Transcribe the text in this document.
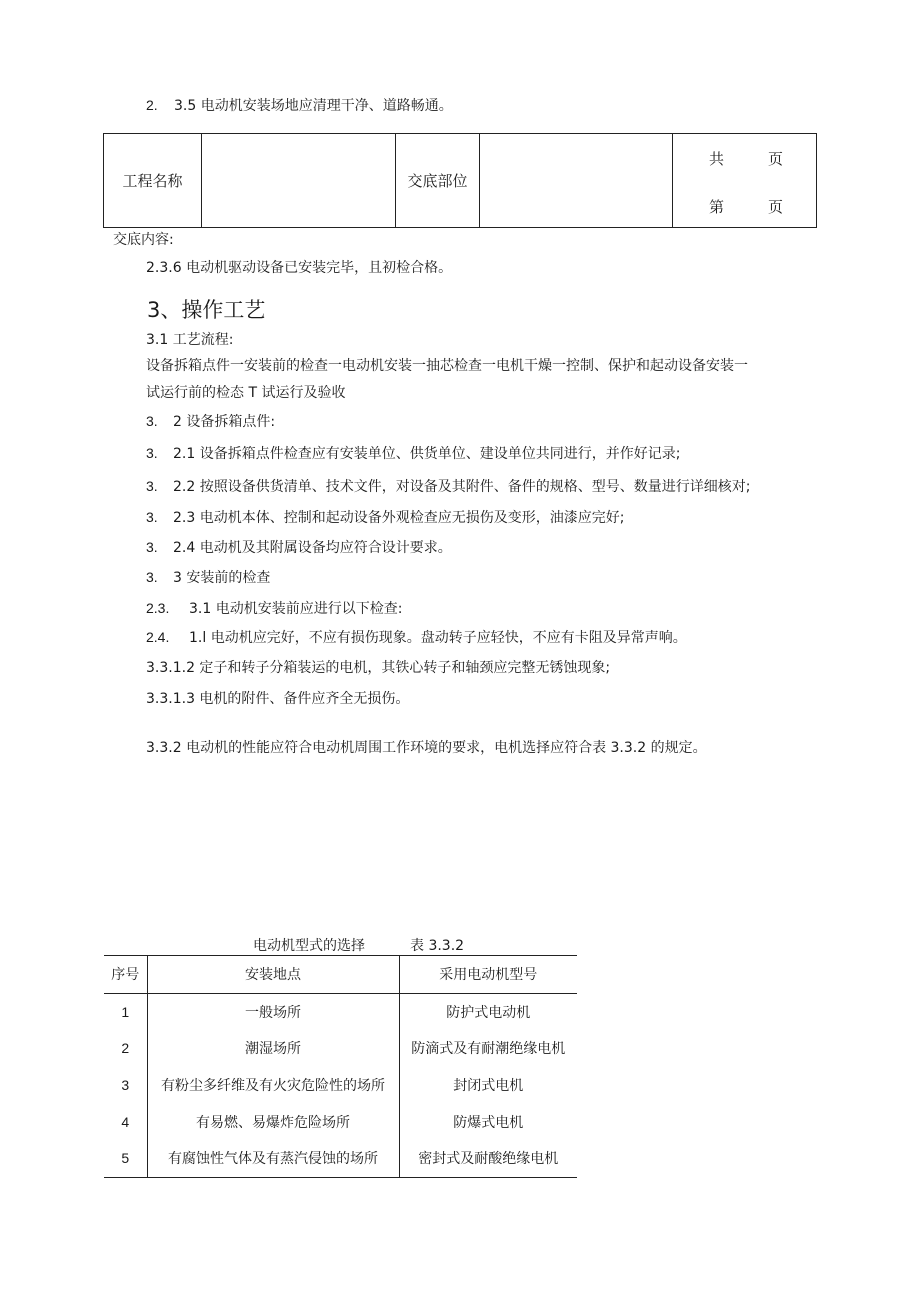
2. 3.5 电动机安装场地应清理干净、道路畅通。
工程名称		交底部位		
共	页
第	页
交底内容:
2.3.6 电动机驱动设备已安装完毕，且初检合格。
3、操作工艺
3.1 工艺流程:
设备拆箱点件一安装前的检查一电动机安装一抽芯检查一电机干燥一控制、保护和起动设备安装一
试运行前的检态 T 试运行及验收
3. 2 设备拆箱点件:
3. 2.1 设备拆箱点件检查应有安装单位、供货单位、建设单位共同进行，并作好记录;
3. 2.2 按照设备供货清单、技术文件，对设备及其附件、备件的规格、型号、数量进行详细核对;
3. 2.3 电动机本体、控制和起动设备外观检查应无损伤及变形，油漆应完好;
3. 2.4 电动机及其附属设备均应符合设计要求。
3. 3 安装前的检查
2.3. 3.1 电动机安装前应进行以下检查:
2.4. 1.l 电动机应完好，不应有损伤现象。盘动转子应轻快，不应有卡阻及异常声响。
3.3.1.2 定子和转子分箱装运的电机，其铁心转子和轴颈应完整无锈蚀现象;
3.3.1.3 电机的附件、备件应齐全无损伤。
3.3.2 电动机的性能应符合电动机周围工作环境的要求，电机选择应符合表 3.3.2 的规定。
电动机型式的选择	表 3.3.2
序号	安装地点	采用电动机型号
1	一般场所	防护式电动机
2	潮湿场所	防滴式及有耐潮绝缘电机
3	有粉尘多纤维及有火灾危险性的场所	封闭式电机
4	有易燃、易爆炸危险场所	防爆式电机
5	有腐蚀性气体及有蒸汽侵蚀的场所	密封式及耐酸绝缘电机
